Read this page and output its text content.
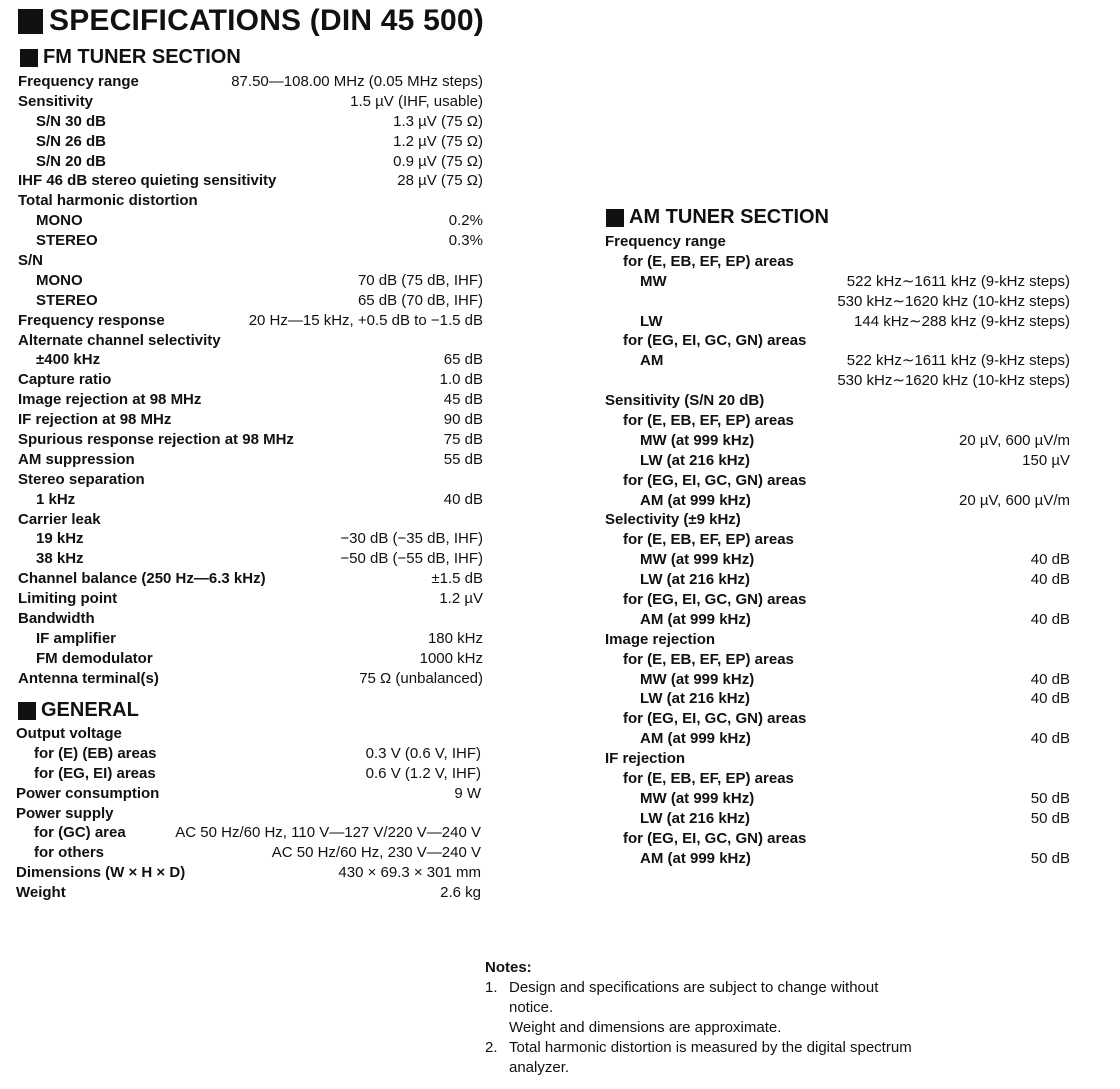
SPECIFICATIONS (DIN 45 500)
FM TUNER SECTION
Frequency range	87.50—108.00 MHz (0.05 MHz steps)
Sensitivity	1.5 µV (IHF, usable)
S/N 30 dB	1.3 µV (75 Ω)
S/N 26 dB	1.2 µV (75 Ω)
S/N 20 dB	0.9 µV (75 Ω)
IHF 46 dB stereo quieting sensitivity	28 µV (75 Ω)
Total harmonic distortion
MONO	0.2%
STEREO	0.3%
S/N
MONO	70 dB (75 dB, IHF)
STEREO	65 dB (70 dB, IHF)
Frequency response	20 Hz—15 kHz, +0.5 dB to −1.5 dB
Alternate channel selectivity
±400 kHz	65 dB
Capture ratio	1.0 dB
Image rejection at 98 MHz	45 dB
IF rejection at 98 MHz	90 dB
Spurious response rejection at 98 MHz	75 dB
AM suppression	55 dB
Stereo separation
1 kHz	40 dB
Carrier leak
19 kHz	−30 dB (−35 dB, IHF)
38 kHz	−50 dB (−55 dB, IHF)
Channel balance (250 Hz—6.3 kHz)	±1.5 dB
Limiting point	1.2 µV
Bandwidth
IF amplifier	180 kHz
FM demodulator	1000 kHz
Antenna terminal(s)	75 Ω (unbalanced)
GENERAL
Output voltage
for (E) (EB) areas	0.3 V (0.6 V, IHF)
for (EG, EI) areas	0.6 V (1.2 V, IHF)
Power consumption	9 W
Power supply
for (GC) area	AC 50 Hz/60 Hz, 110 V—127 V/220 V—240 V
for others	AC 50 Hz/60 Hz, 230 V—240 V
Dimensions (W × H × D)	430 × 69.3 × 301 mm
Weight	2.6 kg
AM TUNER SECTION
Frequency range
for (E, EB, EF, EP) areas
MW	522 kHz∼1611 kHz (9-kHz steps)
530 kHz∼1620 kHz (10-kHz steps)
LW	144 kHz∼288 kHz (9-kHz steps)
for (EG, EI, GC, GN) areas
AM	522 kHz∼1611 kHz (9-kHz steps)
530 kHz∼1620 kHz (10-kHz steps)
Sensitivity (S/N 20 dB)
for (E, EB, EF, EP) areas
MW (at 999 kHz)	20 µV, 600 µV/m
LW (at 216 kHz)	150 µV
for (EG, EI, GC, GN) areas
AM (at 999 kHz)	20 µV, 600 µV/m
Selectivity (±9 kHz)
for (E, EB, EF, EP) areas
MW (at 999 kHz)	40 dB
LW (at 216 kHz)	40 dB
for (EG, EI, GC, GN) areas
AM (at 999 kHz)	40 dB
Image rejection
for (E, EB, EF, EP) areas
MW (at 999 kHz)	40 dB
LW (at 216 kHz)	40 dB
for (EG, EI, GC, GN) areas
AM (at 999 kHz)	40 dB
IF rejection
for (E, EB, EF, EP) areas
MW (at 999 kHz)	50 dB
LW (at 216 kHz)	50 dB
for (EG, EI, GC, GN) areas
AM (at 999 kHz)	50 dB
Notes:
1. Design and specifications are subject to change without
notice.
Weight and dimensions are approximate.
2. Total harmonic distortion is measured by the digital spectrum
analyzer.
